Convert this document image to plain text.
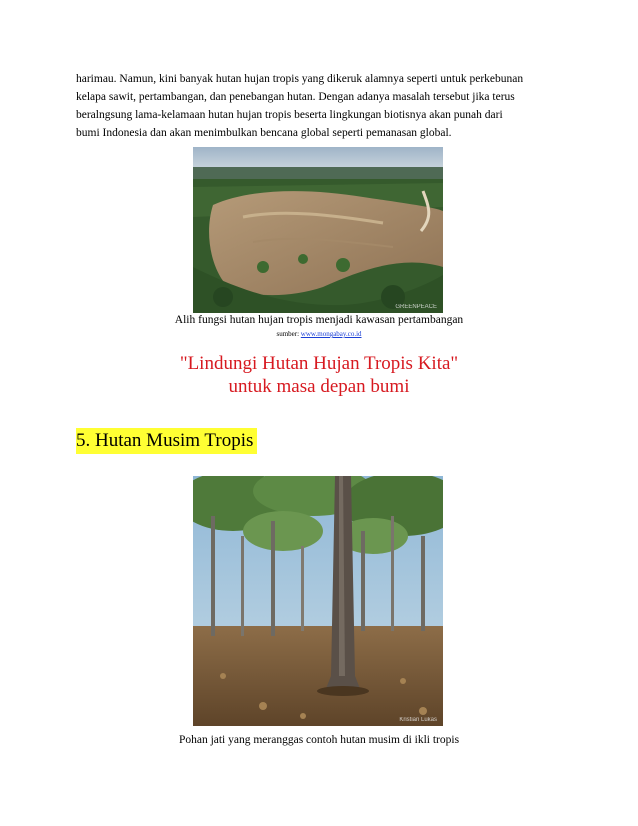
harimau. Namun, kini banyak hutan hujan tropis yang dikeruk alamnya seperti untuk perkebunan
kelapa sawit, pertambangan, dan penebangan hutan. Dengan adanya masalah tersebut jika terus
beralngsung lama-kelamaan hutan hujan tropis beserta lingkungan biotisnya akan punah dari
bumi Indonesia dan akan menimbulkan bencana global seperti pemanasan global.
GREENPEACE
Alih fungsi hutan hujan tropis menjadi kawasan pertambangan
sumber: www.mongabay.co.id
"Lindungi Hutan Hujan Tropis Kita"
untuk masa depan bumi
5. Hutan Musim Tropis
Kristian Lukas
Pohan jati yang meranggas contoh hutan musim di ikli tropis
